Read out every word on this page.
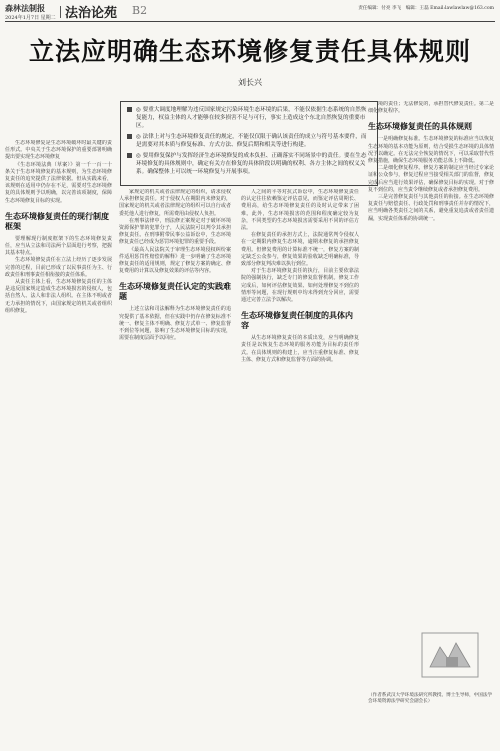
森林法制报
2024年1月7日 星期二 法治论苑 B2	责任编辑：付亮 李飞　编辑：王磊 Email:lawlawlaw@163.com
立法应明确生态环境修复责任具体规则
刘长兴
◎ 要重大调度地理解为违反国家规定污染环境生态环境的后果，不能仅依据生态系统的自然恢复能力，权益主体的人才能够在较多损害不足与可行，事实上造成这个东北自然恢复的重要市区。
◎ 法律上对与生态环境修复责任的规定，不能仅仅限于确认该责任的成立与符号基本要件，而是需要对其本质与修复标准、方式方法、修复后期和相关等进行构建。
◎ 要用修复保护与发挥经济生态环境修复的成本负担、正确落实不同场景中的责任。要在生态环境修复的具体规则中，确定有关方在修复的具体阶段以明确的权利、各方主体之间的权义关系。确保整体上可以统一环境修复与开展事项。

生态环境修复是生态环境破坏时最关键的责任形式。中央关于生态环境保护的重要部署明确提出要实现生态环境修复

《生态环境法典（草案）》第一千一百一十条关于生态环境修复的基本规则，为生态环境修复责任的追究提供了法律依据。但从实践来看，该规则在适用中仍存在不足，需要对生态环境修复的具体规则予以明确，以完善该项制度，保障生态环境修复目标的实现。

生态环境修复责任的现行制度框架

要理解现行制度框架下的生态环境修复责任，应当从立法和司法两个层面进行考察，把握其基本特点。

生态环境修复责任在立法上经历了逐步发展完善的过程，目前已形成了以民事责任为主、行政责任和刑事责任相衔接的责任体系。

从责任主体上看，生态环境修复责任的主体是违反国家规定造成生态环境损害的侵权人，包括自然人、法人和非法人组织。在主体不明或者无力承担的情况下，由国家规定的机关或者组织组织修复。

家规定的机关或者法律规定的组织，请求侵权人承担修复责任。对于侵权人在期限内未修复的，国家规定的机关或者法律规定的组织可以自行或者委托他人进行修复，所需费用由侵权人负担。

在刑事法律中，刑法修正案规定对于破坏环境资源保护罪的犯罪分子，人民法院可以判令其承担修复责任。在刑事附带民事公益诉讼中，生态环境修复责任已经成为惩罚环境犯罪的重要手段。

《最高人民法院关于审理生态环境侵权纠纷案件适用惩罚性赔偿的解释》进一步明确了生态环境修复责任的适用规则，规定了修复方案的确定、修复费用的计算以及修复效果的评估等内容。

生态环境修复责任认定的实践难题

上述立法和司法解释为生态环境修复责任的追究提供了基本依据，但在实践中仍存在修复标准不统一、修复主体不明确、修复方式单一、修复监督不到位等问题，影响了生态环境修复目标的实现，需要在制度层面予以回应。

人之间的平等对抗式诉讼中，生态环境修复责任的认定往往依赖鉴定评估意见，而鉴定评估周期长、费用高，给生态环境修复责任的及时认定带来了困难。此外，生态环境损害的范围和程度确定较为复杂，不同类型的生态环境损害需要采用不同的评估方法。

在修复责任的承担方式上，法院通常判令侵权人在一定期限内修复生态环境，逾期未修复的承担修复费用。但修复费用的计算标准不统一，修复方案的制定缺乏公众参与，修复效果的验收缺乏明确标准，导致部分修复判决难以执行到位。

对于生态环境修复责任的执行，目前主要依靠法院的强制执行，缺乏专门的修复监督机制。修复工作完成后，如何评估修复效果、如何处理修复不到位的情形等问题，在现行规则中均未得到充分回应，需要通过完善立法予以解决。

生态环境修复责任制度的具体内容

从生态环境修复责任的本质出发，应当明确修复责任是以恢复生态环境的服务功能为目标的责任形式。在具体规则的构建上，应当注重修复标准、修复主体、修复方式和修复监督等方面的协调。

境的责任；无法修复的，承担替代修复责任。第二是细化修复程序。

生态环境修复责任的具体规则

一是明确修复标准。生态环境修复的标准应当以恢复生态环境的基本功能为原则，结合受损生态环境的具体情况予以确定。在无法完全恢复的情况下，可以采取替代性修复措施，确保生态环境服务功能总体上不降低。

二是细化修复程序。修复方案的制定应当经过专家论证和公众参与，修复过程应当接受相关部门的监督，修复完成后应当进行效果评估，确保修复目标的实现。对于修复不到位的，应当责令继续修复或者承担修复费用。

三是完善修复责任与其他责任的衔接。在生态环境修复责任与赔偿责任、行政处罚和刑事责任并存的情况下，应当明确各类责任之间的关系，避免重复追责或者责任遗漏，实现责任体系的协调统一。

（作者系武汉大学环境法研究所教授、博士生导师，中国法学会环境资源法学研究会副会长）
